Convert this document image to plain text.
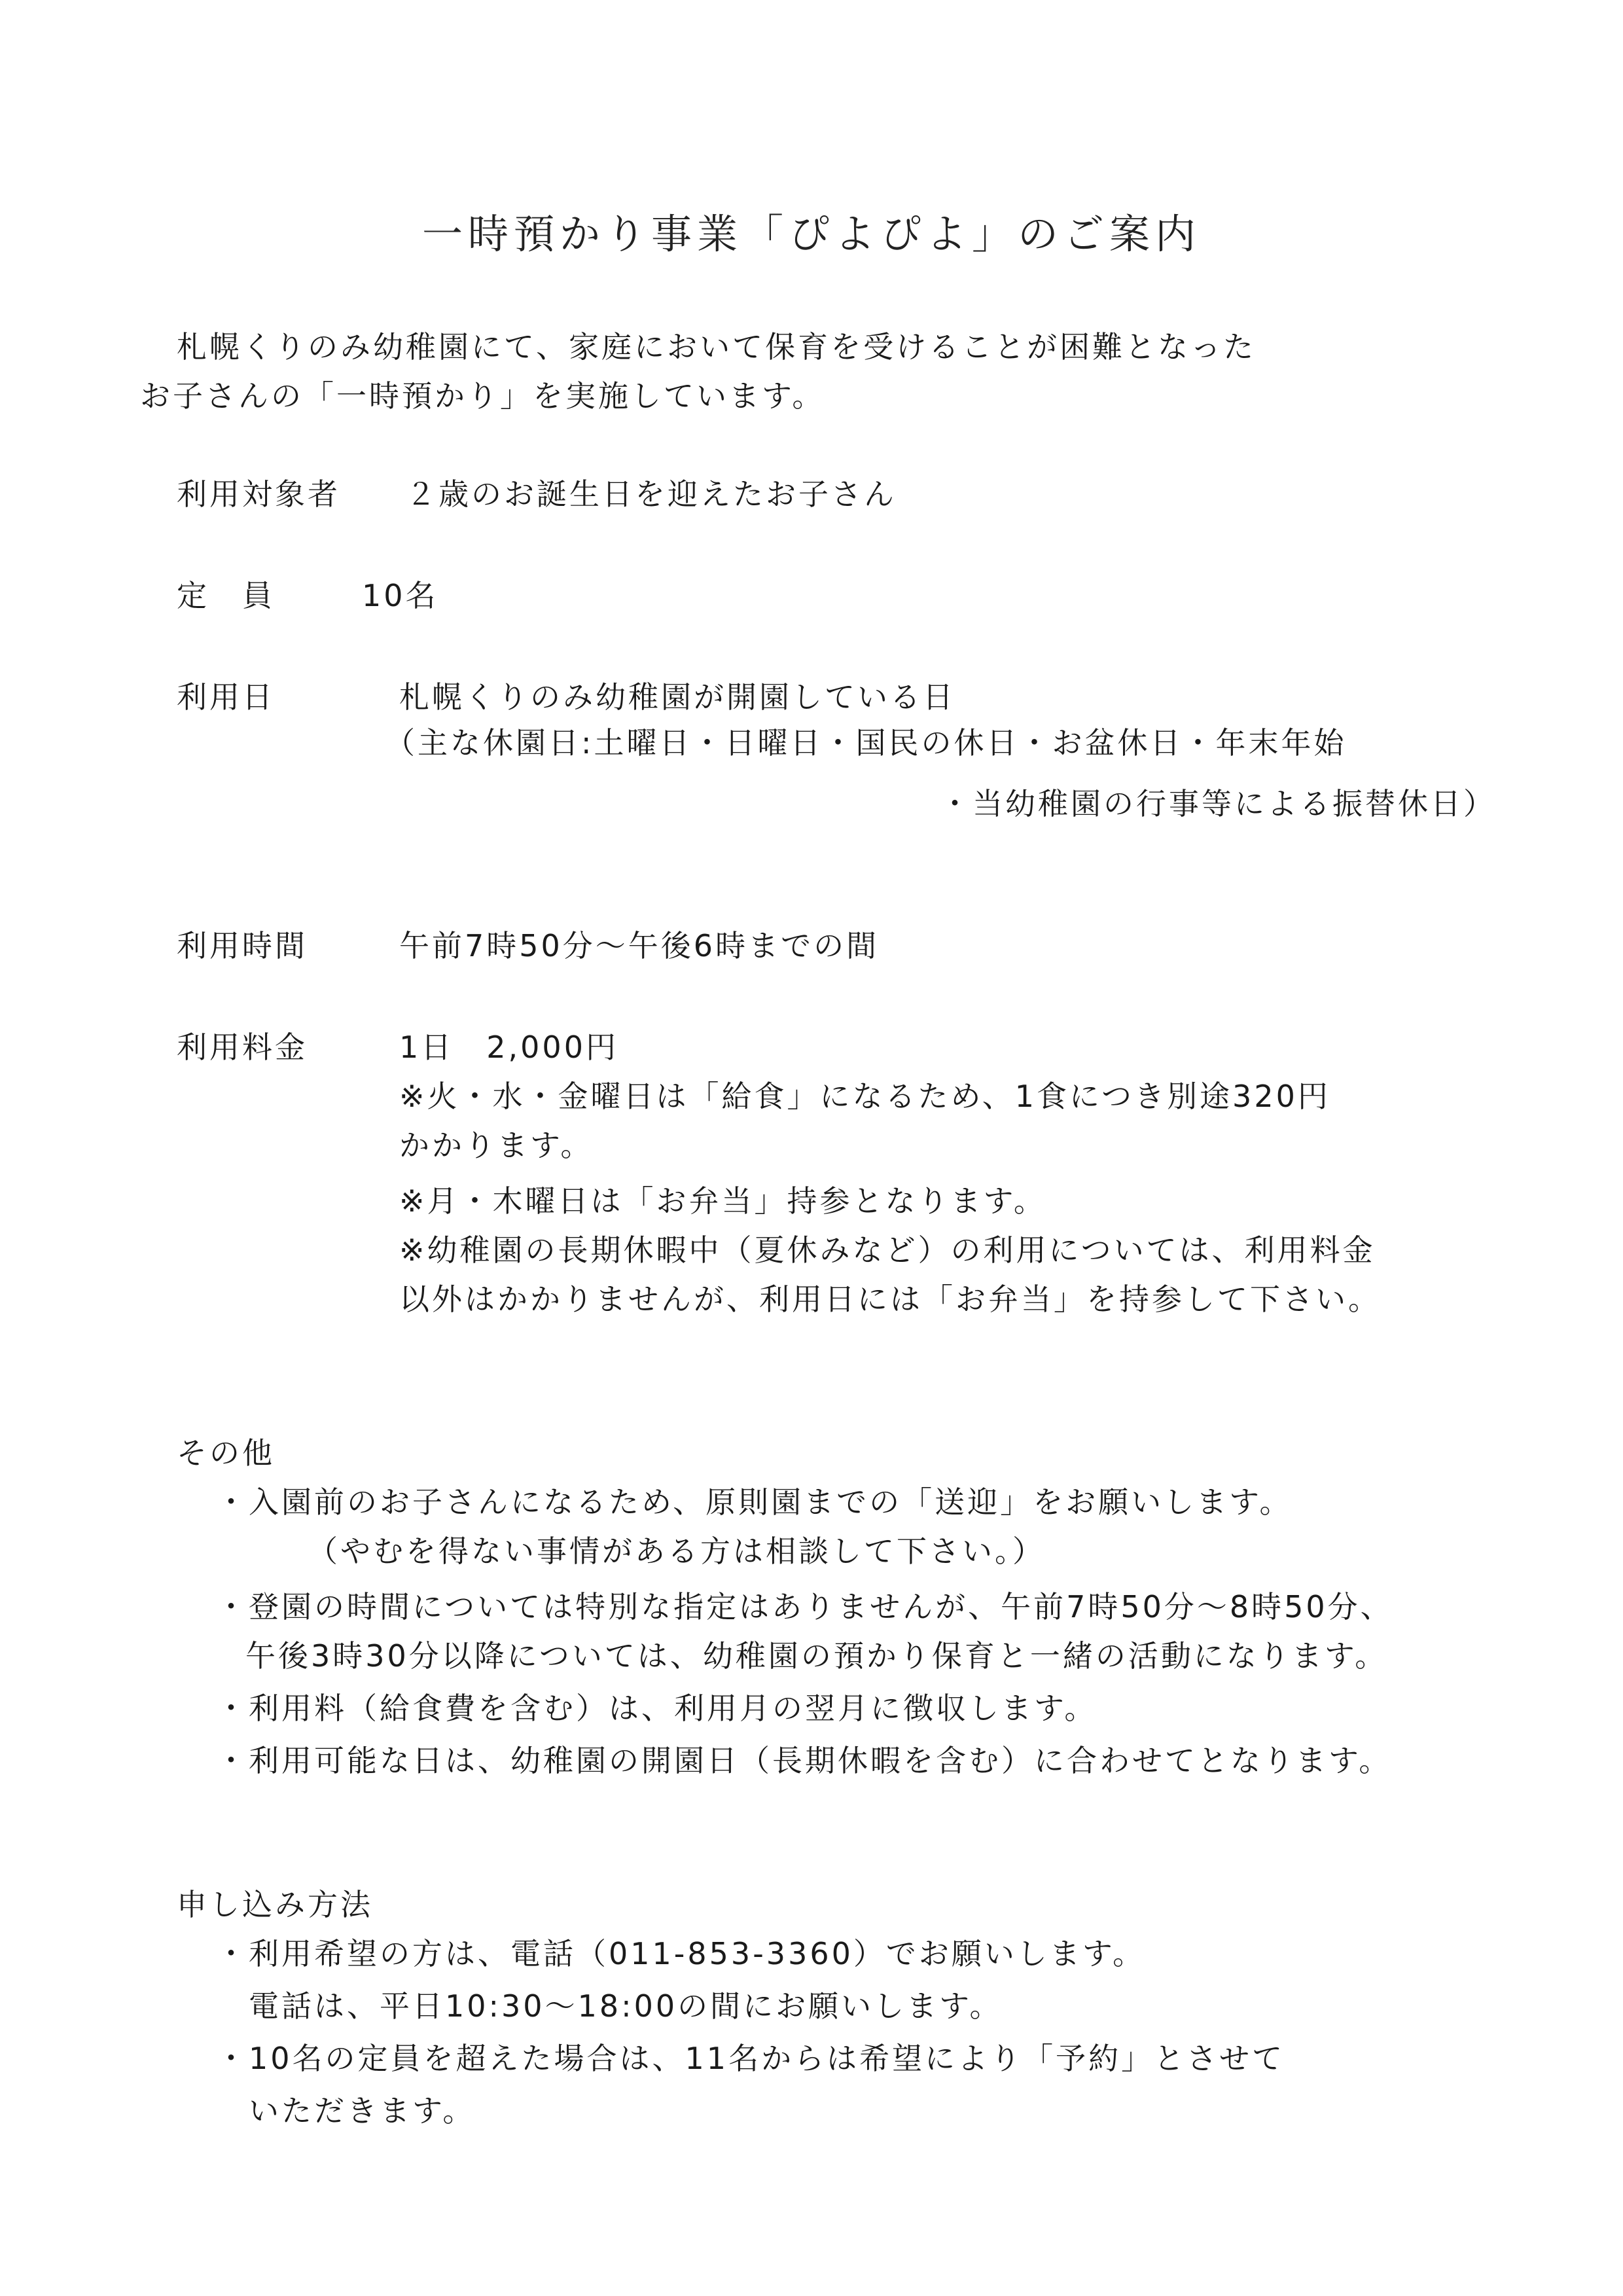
一時預かり事業「ぴよぴよ」のご案内
札幌くりのみ幼稚園にて、家庭において保育を受けることが困難となった
お子さんの「一時預かり」を実施しています。
利用対象者 ２歳のお誕生日を迎えたお子さん
定　員	10名
利用日	札幌くりのみ幼稚園が開園している日
（主な休園日:土曜日・日曜日・国民の休日・お盆休日・年末年始
・当幼稚園の行事等による振替休日）
利用時間	午前7時50分～午後6時までの間
利用料金	1日　2,000円
※火・水・金曜日は「給食」になるため、1食につき別途320円
かかります。
※月・木曜日は「お弁当」持参となります。
※幼稚園の長期休暇中（夏休みなど）の利用については、利用料金
以外はかかりませんが、利用日には「お弁当」を持参して下さい。
その他
・入園前のお子さんになるため、原則園までの「送迎」をお願いします。
（やむを得ない事情がある方は相談して下さい。）
・登園の時間については特別な指定はありませんが、午前7時50分～8時50分、
午後3時30分以降については、幼稚園の預かり保育と一緒の活動になります。
・利用料（給食費を含む）は、利用月の翌月に徴収します。
・利用可能な日は、幼稚園の開園日（長期休暇を含む）に合わせてとなります。
申し込み方法
・利用希望の方は、電話（011-853-3360）でお願いします。
電話は、平日10:30～18:00の間にお願いします。
・10名の定員を超えた場合は、11名からは希望により「予約」とさせて
いただきます。
